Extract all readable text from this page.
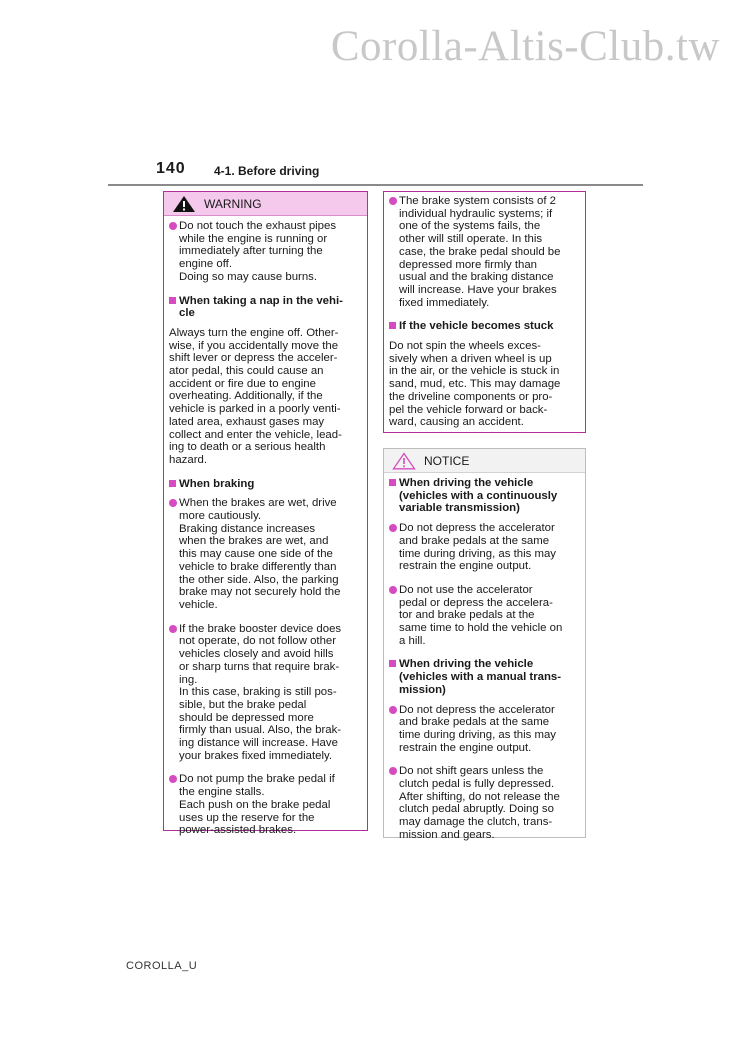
Corolla-Altis-Club.tw
140 4-1. Before driving
WARNING
Do not touch the exhaust pipes
while the engine is running or
immediately after turning the
engine off.
Doing so may cause burns.
When taking a nap in the vehi-
cle
Always turn the engine off. Other-
wise, if you accidentally move the
shift lever or depress the acceler-
ator pedal, this could cause an
accident or fire due to engine
overheating. Additionally, if the
vehicle is parked in a poorly venti-
lated area, exhaust gases may
collect and enter the vehicle, lead-
ing to death or a serious health
hazard.
When braking
When the brakes are wet, drive
more cautiously.
Braking distance increases
when the brakes are wet, and
this may cause one side of the
vehicle to brake differently than
the other side. Also, the parking
brake may not securely hold the
vehicle.
If the brake booster device does
not operate, do not follow other
vehicles closely and avoid hills
or sharp turns that require brak-
ing.
In this case, braking is still pos-
sible, but the brake pedal
should be depressed more
firmly than usual. Also, the brak-
ing distance will increase. Have
your brakes fixed immediately.
Do not pump the brake pedal if
the engine stalls.
Each push on the brake pedal
uses up the reserve for the
power-assisted brakes.
The brake system consists of 2
individual hydraulic systems; if
one of the systems fails, the
other will still operate. In this
case, the brake pedal should be
depressed more firmly than
usual and the braking distance
will increase. Have your brakes
fixed immediately.
If the vehicle becomes stuck
Do not spin the wheels exces-
sively when a driven wheel is up
in the air, or the vehicle is stuck in
sand, mud, etc. This may damage
the driveline components or pro-
pel the vehicle forward or back-
ward, causing an accident.
NOTICE
When driving the vehicle
(vehicles with a continuously
variable transmission)
Do not depress the accelerator
and brake pedals at the same
time during driving, as this may
restrain the engine output.
Do not use the accelerator
pedal or depress the accelera-
tor and brake pedals at the
same time to hold the vehicle on
a hill.
When driving the vehicle
(vehicles with a manual trans-
mission)
Do not depress the accelerator
and brake pedals at the same
time during driving, as this may
restrain the engine output.
Do not shift gears unless the
clutch pedal is fully depressed.
After shifting, do not release the
clutch pedal abruptly. Doing so
may damage the clutch, trans-
mission and gears.
COROLLA_U
